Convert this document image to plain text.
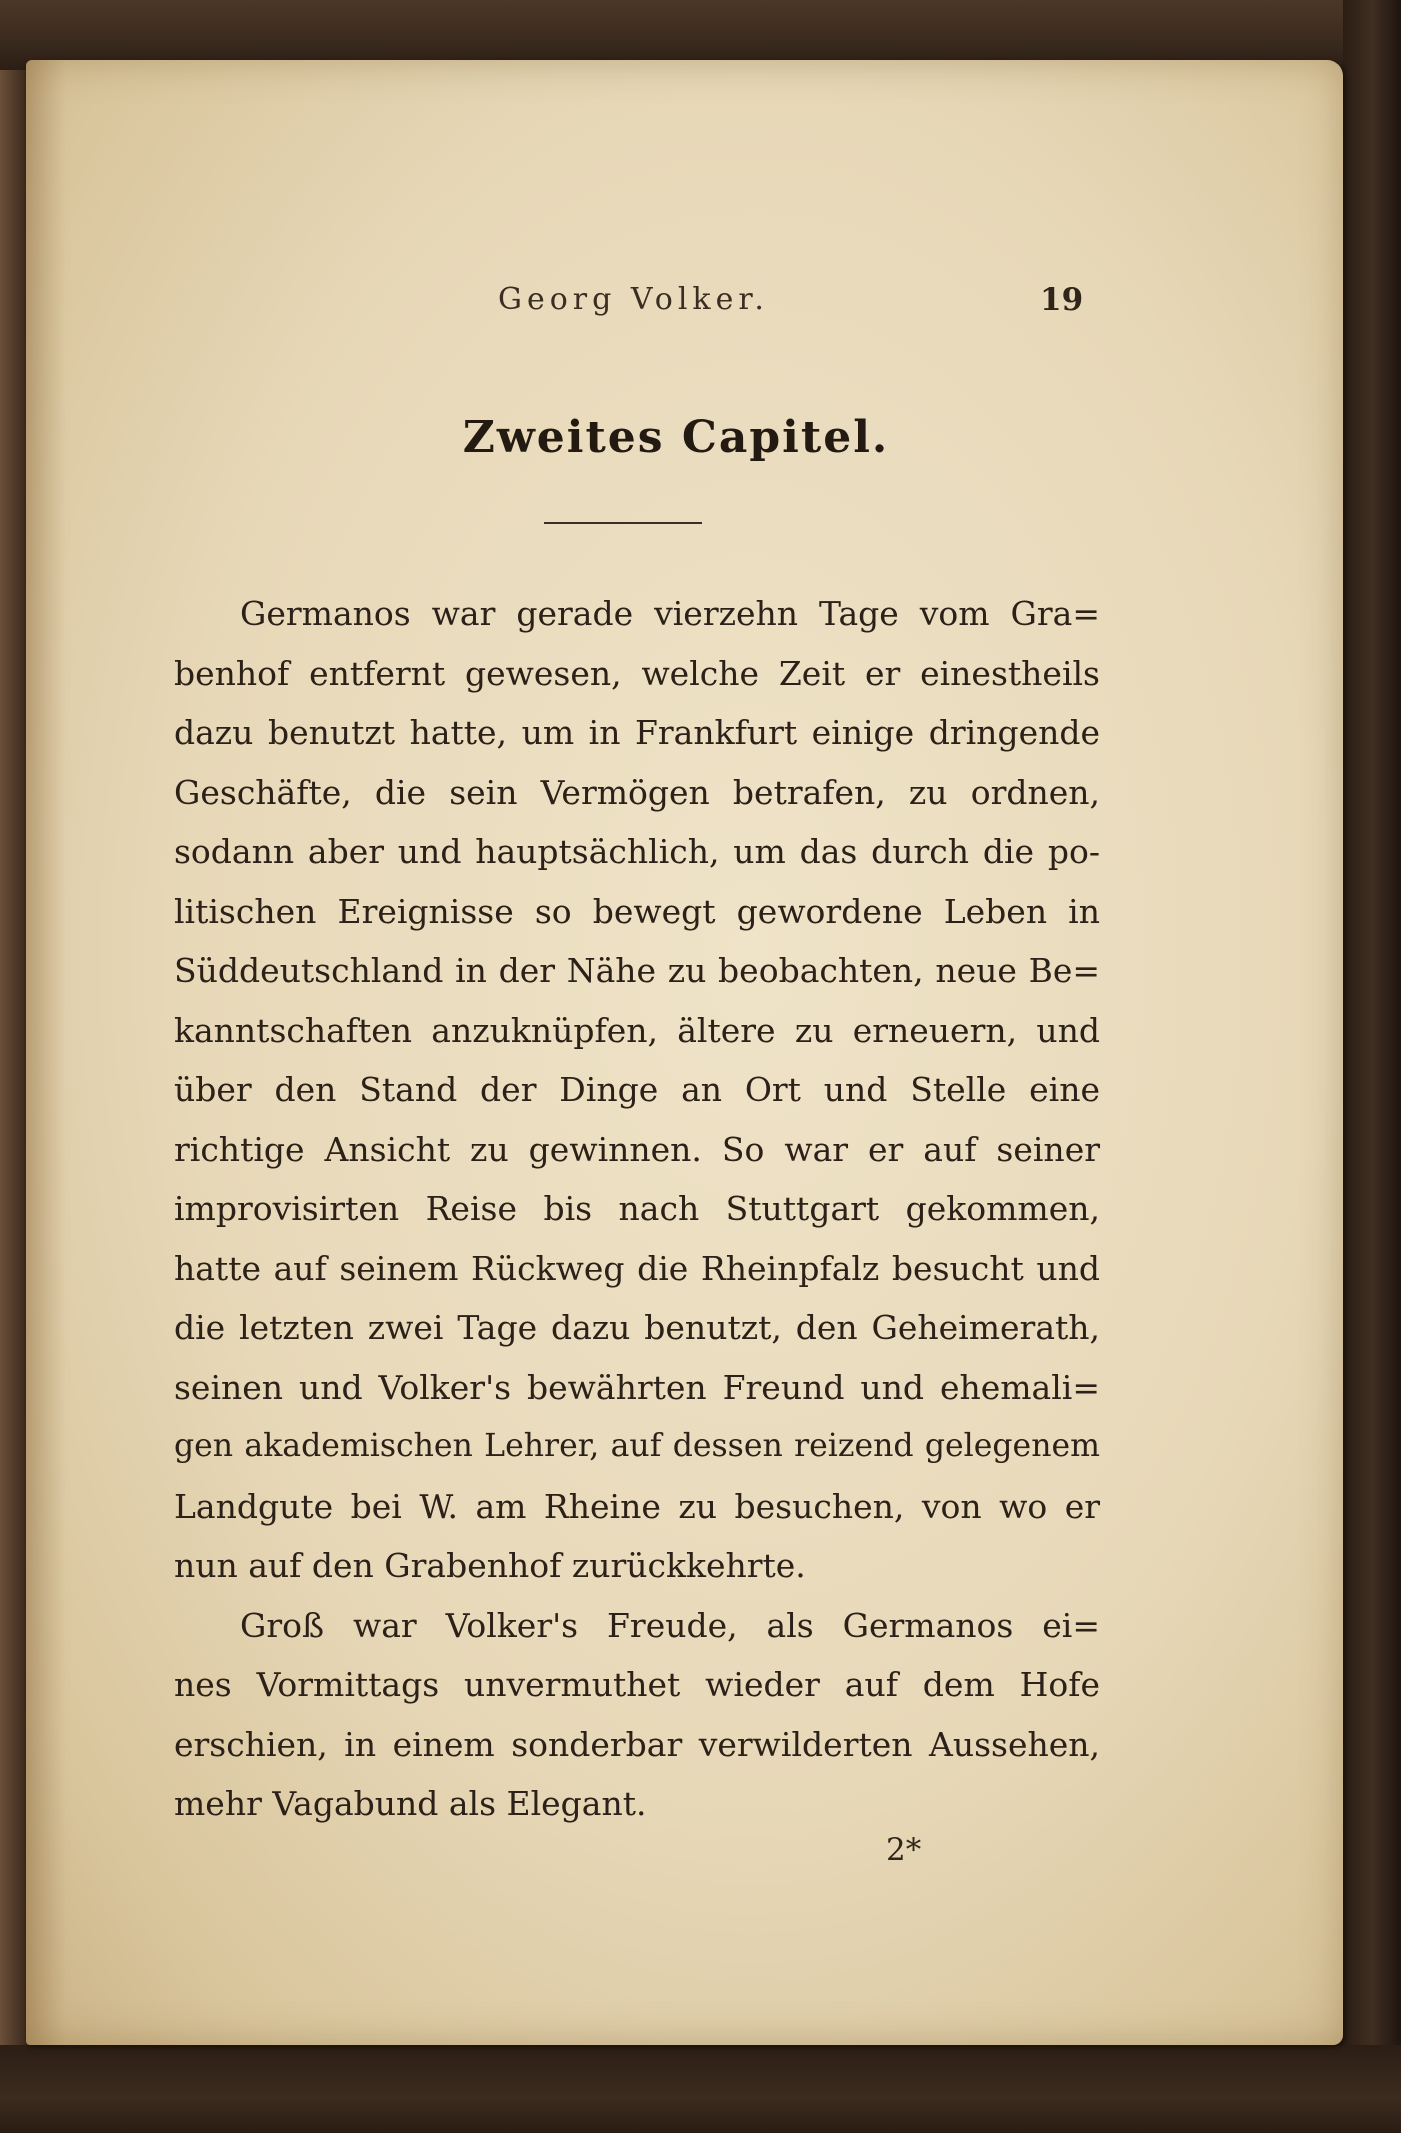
Georg Volker.	19
Zweites Capitel.
Germanos war gerade vierzehn Tage vom Gra=
benhof entfernt gewesen, welche Zeit er einestheils
dazu benutzt hatte, um in Frankfurt einige dringende
Geschäfte, die sein Vermögen betrafen, zu ordnen,
sodann aber und hauptsächlich, um das durch die po-
litischen Ereignisse so bewegt gewordene Leben in
Süddeutschland in der Nähe zu beobachten, neue Be=
kanntschaften anzuknüpfen, ältere zu erneuern, und
über den Stand der Dinge an Ort und Stelle eine
richtige Ansicht zu gewinnen. So war er auf seiner
improvisirten Reise bis nach Stuttgart gekommen,
hatte auf seinem Rückweg die Rheinpfalz besucht und
die letzten zwei Tage dazu benutzt, den Geheimerath,
seinen und Volker's bewährten Freund und ehemali=
gen akademischen Lehrer, auf dessen reizend gelegenem
Landgute bei W. am Rheine zu besuchen, von wo er
nun auf den Grabenhof zurückkehrte.
Groß war Volker's Freude, als Germanos ei=
nes Vormittags unvermuthet wieder auf dem Hofe
erschien, in einem sonderbar verwilderten Aussehen,
mehr Vagabund als Elegant.
2*
